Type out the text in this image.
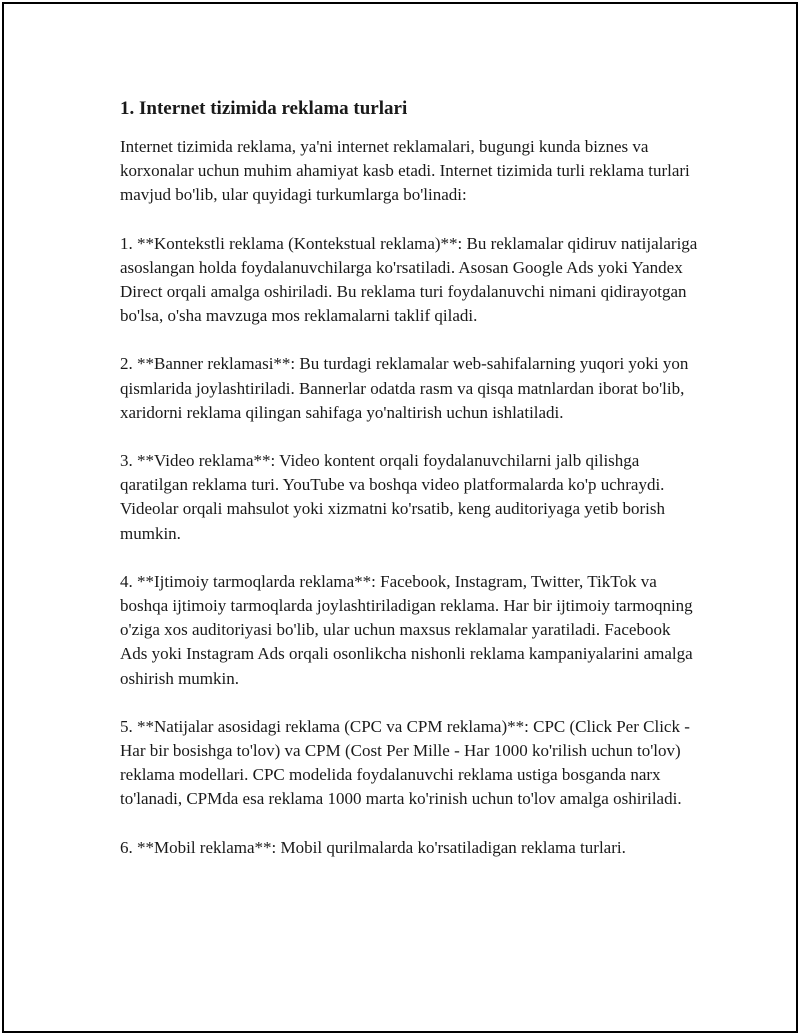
1. Internet tizimida reklama turlari

Internet tizimida reklama, ya'ni internet reklamalari, bugungi kunda biznes va korxonalar uchun muhim ahamiyat kasb etadi. Internet tizimida turli reklama turlari mavjud bo'lib, ular quyidagi turkumlarga bo'linadi:

1. **Kontekstli reklama (Kontekstual reklama)**: Bu reklamalar qidiruv natijalariga asoslangan holda foydalanuvchilarga ko'rsatiladi. Asosan Google Ads yoki Yandex Direct orqali amalga oshiriladi. Bu reklama turi foydalanuvchi nimani qidirayotgan bo'lsa, o'sha mavzuga mos reklamalarni taklif qiladi.

2. **Banner reklamasi**: Bu turdagi reklamalar web-sahifalarning yuqori yoki yon qismlarida joylashtiriladi. Bannerlar odatda rasm va qisqa matnlardan iborat bo'lib, xaridorni reklama qilingan sahifaga yo'naltirish uchun ishlatiladi.

3. **Video reklama**: Video kontent orqali foydalanuvchilarni jalb qilishga qaratilgan reklama turi. YouTube va boshqa video platformalarda ko'p uchraydi. Videolar orqali mahsulot yoki xizmatni ko'rsatib, keng auditoriyaga yetib borish mumkin.

4. **Ijtimoiy tarmoqlarda reklama**: Facebook, Instagram, Twitter, TikTok va boshqa ijtimoiy tarmoqlarda joylashtiriladigan reklama. Har bir ijtimoiy tarmoqning o'ziga xos auditoriyasi bo'lib, ular uchun maxsus reklamalar yaratiladi. Facebook Ads yoki Instagram Ads orqali osonlikcha nishonli reklama kampaniyalarini amalga oshirish mumkin.

5. **Natijalar asosidagi reklama (CPC va CPM reklama)**: CPC (Click Per Click - Har bir bosishga to'lov) va CPM (Cost Per Mille - Har 1000 ko'rilish uchun to'lov) reklama modellari. CPC modelida foydalanuvchi reklama ustiga bosganda narx to'lanadi, CPMda esa reklama 1000 marta ko'rinish uchun to'lov amalga oshiriladi.

6. **Mobil reklama**: Mobil qurilmalarda ko'rsatiladigan reklama turlari.
